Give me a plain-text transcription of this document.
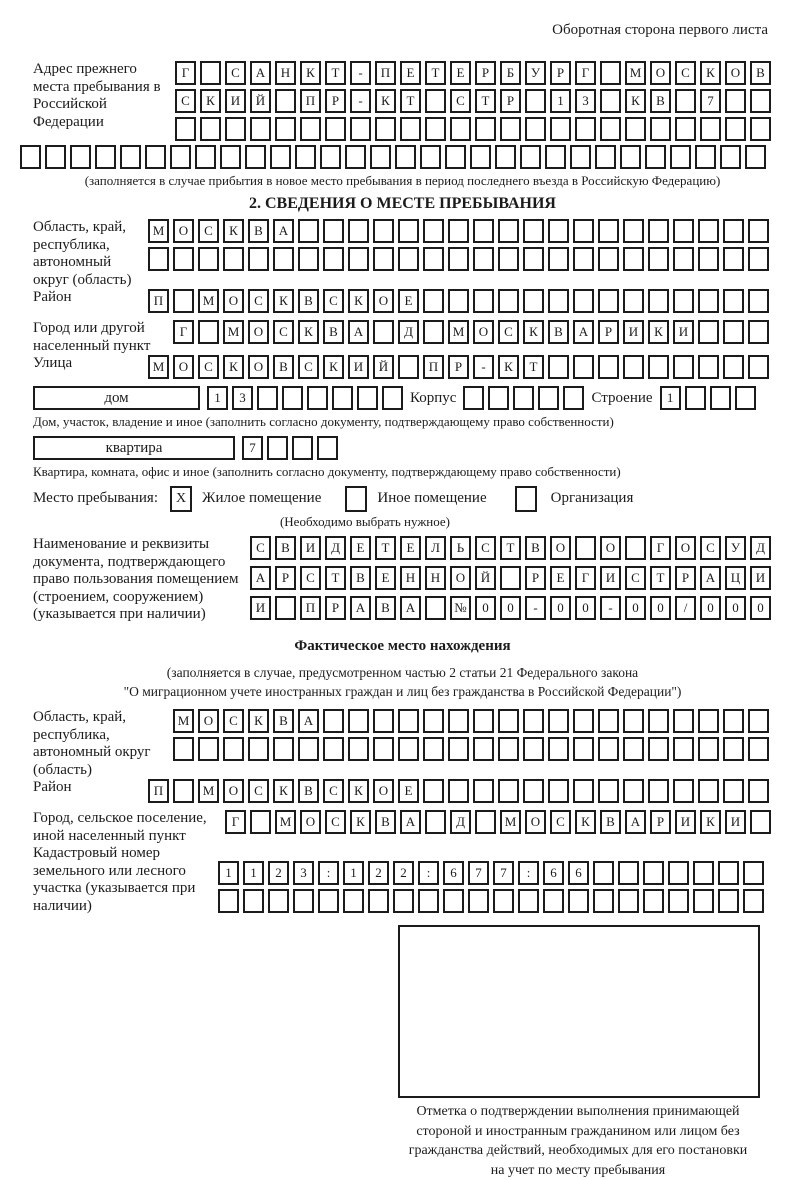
Оборотная сторона первого листа
Адрес прежнего места пребывания в Российской Федерации
Г	С	А	Н	К	Т	-	П	Е	Т	Е	Р	Б	У	Р	Г	М	О	С	К	О	В
С	К	И	Й	П	Р	-	К	Т	С	Т	Р	1	3	К	В	7
(заполняется в случае прибытия в новое место пребывания в период последнего въезда в Российскую Федерацию)
2. СВЕДЕНИЯ О МЕСТЕ ПРЕБЫВАНИЯ
Область, край, республика, автономный округ (область)
М	О	С	К	В	А
Район	П	М	О	С	К	В	С	К	О	Е
Город или другой населенный пункт
Г	М	О	С	К	В	А	Д	М	О	С	К	В	А	Р	И	К	И
Улица	М	О	С	К	О	В	С	К	И	Й	П	Р	-	К	Т
дом	1	3	Корпус	Строение	1
Дом, участок, владение и иное (заполнить согласно документу, подтверждающему право собственности)
квартира	7
Квартира, комната, офис и иное (заполнить согласно документу, подтверждающему право собственности)
Место пребывания:	X	Жилое помещение	Иное помещение	Организация
(Необходимо выбрать нужное)
Наименование и реквизиты документа, подтверждающего право пользования помещением (строением, сооружением) (указывается при наличии)
С	В	И	Д	Е	Т	Е	Л	Ь	С	Т	В	О	О	Г	О	С	У	Д
А	Р	С	Т	В	Е	Н	Н	О	Й	Р	Е	Г	И	С	Т	Р	А	Ц	И
И	П	Р	А	В	А	№	0	0	-	0	0	-	0	0	/	0	0	0
Фактическое место нахождения
(заполняется в случае, предусмотренном частью 2 статьи 21 Федерального закона
"О миграционном учете иностранных граждан и лиц без гражданства в Российской Федерации")
Область, край, республика, автономный округ (область)
М	О	С	К	В	А
Район	П	М	О	С	К	В	С	К	О	Е
Город, сельское поселение, иной населенный пункт
Г	М	О	С	К	В	А	Д	М	О	С	К	В	А	Р	И	К	И
Кадастровый номер земельного или лесного участка (указывается при наличии)
1	1	2	3	:	1	2	2	:	6	7	7	:	6	6
Отметка о подтверждении выполнения принимающей
стороной и иностранным гражданином или лицом без
гражданства действий, необходимых для его постановки
на учет по месту пребывания
